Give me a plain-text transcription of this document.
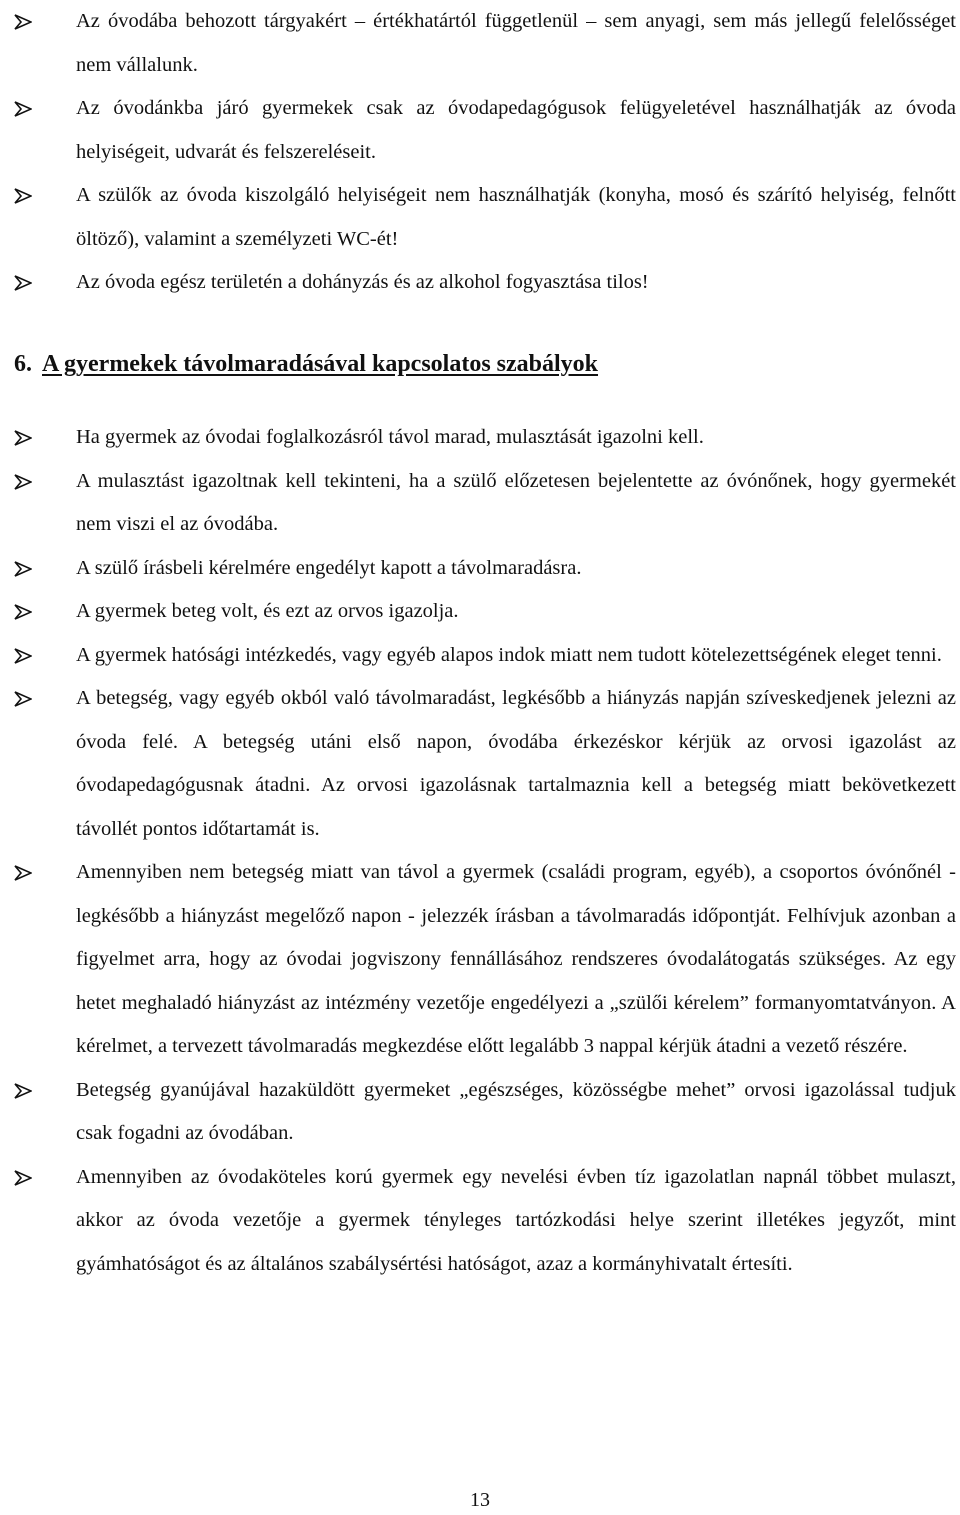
Az óvodába behozott tárgyakért – értékhatártól függetlenül – sem anyagi, sem más jellegű felelősséget nem vállalunk.
Az óvodánkba járó gyermekek csak az óvodapedagógusok felügyeletével használhatják az óvoda helyiségeit, udvarát és felszereléseit.
A szülők az óvoda kiszolgáló helyiségeit nem használhatják (konyha, mosó és szárító helyiség, felnőtt öltöző), valamint a személyzeti WC-ét!
Az óvoda egész területén a dohányzás és az alkohol fogyasztása tilos!
6. A gyermekek távolmaradásával kapcsolatos szabályok
Ha gyermek az óvodai foglalkozásról távol marad, mulasztását igazolni kell.
A mulasztást igazoltnak kell tekinteni, ha a szülő előzetesen bejelentette az óvónőnek, hogy gyermekét nem viszi el az óvodába.
A szülő írásbeli kérelmére engedélyt kapott a távolmaradásra.
A gyermek beteg volt, és ezt az orvos igazolja.
A gyermek hatósági intézkedés, vagy egyéb alapos indok miatt nem tudott kötelezettségének eleget tenni.
A betegség, vagy egyéb okból való távolmaradást, legkésőbb a hiányzás napján szíveskedjenek jelezni az óvoda felé. A betegség utáni első napon, óvodába érkezéskor kérjük az orvosi igazolást az óvodapedagógusnak átadni. Az orvosi igazolásnak tartalmaznia kell a betegség miatt bekövetkezett távollét pontos időtartamát is.
Amennyiben nem betegség miatt van távol a gyermek (családi program, egyéb), a csoportos óvónőnél - legkésőbb a hiányzást megelőző napon - jelezzék írásban a távolmaradás időpontját. Felhívjuk azonban a figyelmet arra, hogy az óvodai jogviszony fennállásához rendszeres óvodalátogatás szükséges. Az egy hetet meghaladó hiányzást az intézmény vezetője engedélyezi a „szülői kérelem” formanyomtatványon. A kérelmet, a tervezett távolmaradás megkezdése előtt legalább 3 nappal kérjük átadni a vezető részére.
Betegség gyanújával hazaküldött gyermeket „egészséges, közösségbe mehet” orvosi igazolással tudjuk csak fogadni az óvodában.
Amennyiben az óvodaköteles korú gyermek egy nevelési évben tíz igazolatlan napnál többet mulaszt, akkor az óvoda vezetője a gyermek tényleges tartózkodási helye szerint illetékes jegyzőt, mint gyámhatóságot és az általános szabálysértési hatóságot, azaz a kormányhivatalt értesíti.
13
